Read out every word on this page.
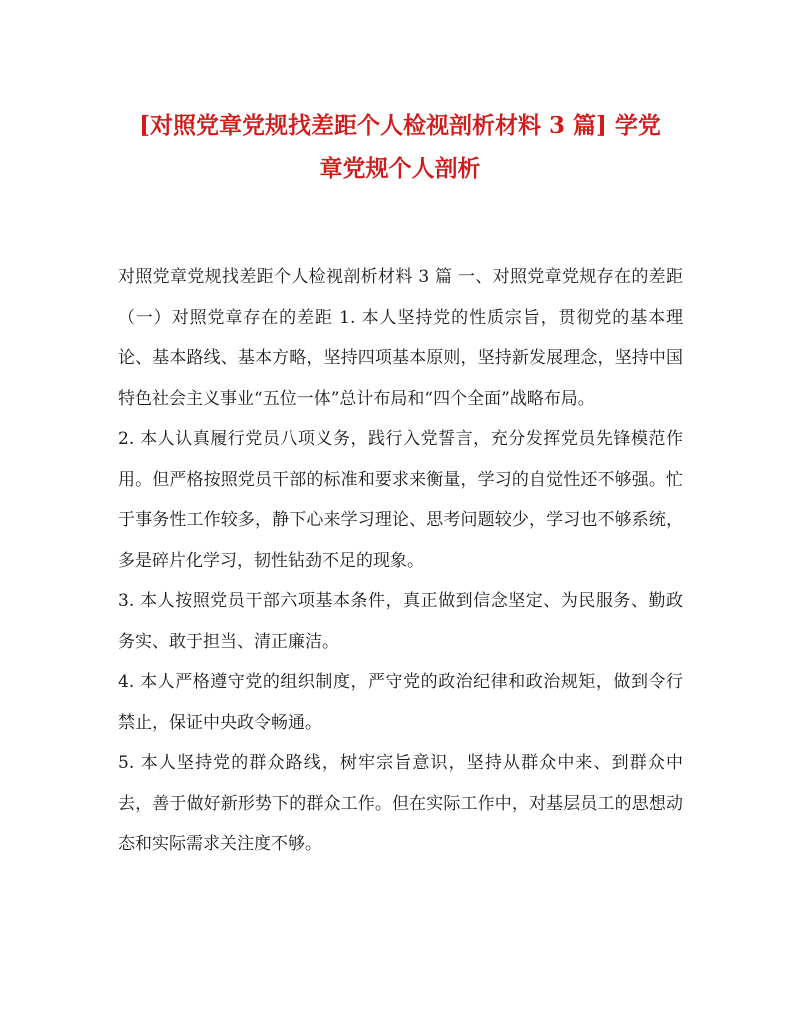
[对照党章党规找差距个人检视剖析材料 3 篇] 学党
章党规个人剖析

对照党章党规找差距个人检视剖析材料 3 篇 一、对照党章党规存在的差距 （一）对照党章存在的差距 1. 本人坚持党的性质宗旨，贯彻党的基本理论、基本路线、基本方略，坚持四项基本原则，坚持新发展理念，坚持中国特色社会主义事业“五位一体”总计布局和“四个全面”战略布局。

2. 本人认真履行党员八项义务，践行入党誓言，充分发挥党员先锋模范作用。但严格按照党员干部的标准和要求来衡量，学习的自觉性还不够强。忙于事务性工作较多，静下心来学习理论、思考问题较少，学习也不够系统，多是碎片化学习，韧性钻劲不足的现象。

3. 本人按照党员干部六项基本条件，真正做到信念坚定、为民服务、勤政务实、敢于担当、清正廉洁。

4. 本人严格遵守党的组织制度，严守党的政治纪律和政治规矩，做到令行禁止，保证中央政令畅通。

5. 本人坚持党的群众路线，树牢宗旨意识，坚持从群众中来、到群众中去，善于做好新形势下的群众工作。但在实际工作中，对基层员工的思想动态和实际需求关注度不够。
